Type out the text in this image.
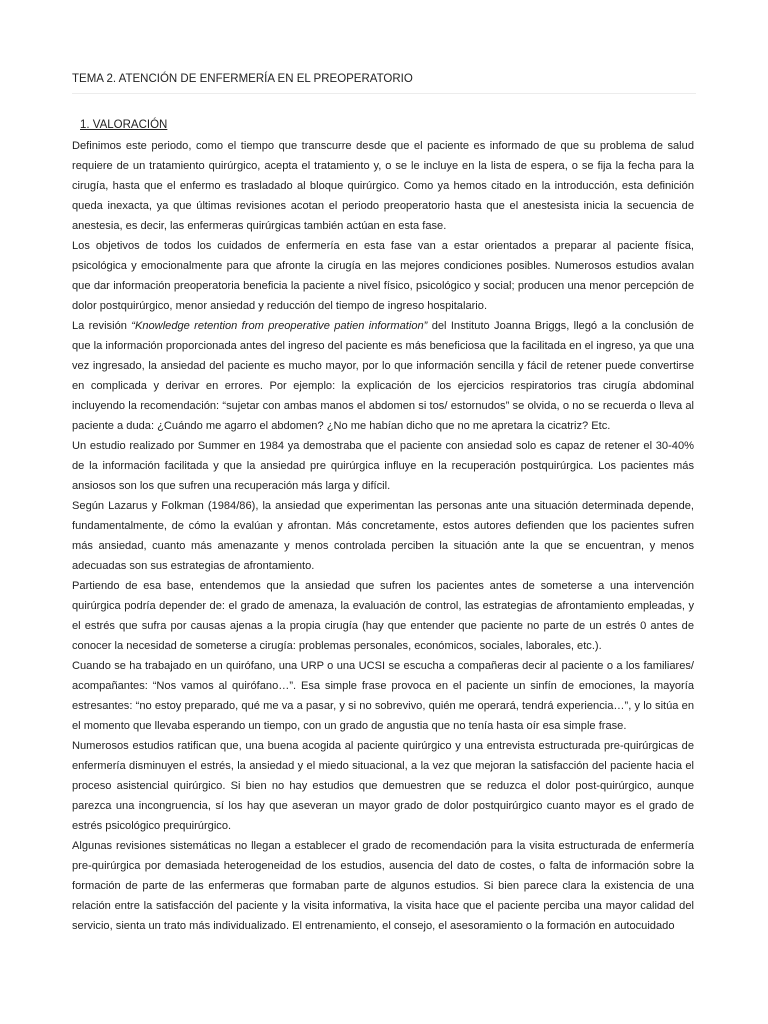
TEMA 2. ATENCIÓN DE ENFERMERÍA EN EL PREOPERATORIO
1. VALORACIÓN

Definimos este periodo, como el tiempo que transcurre desde que el paciente es informado de que su problema de salud requiere de un tratamiento quirúrgico, acepta el tratamiento y, o se le incluye en la lista de espera, o se fija la fecha para la cirugía, hasta que el enfermo es trasladado al bloque quirúrgico. Como ya hemos citado en la introducción, esta definición queda inexacta, ya que últimas revisiones acotan el periodo preoperatorio hasta que el anestesista inicia la secuencia de anestesia, es decir, las enfermeras quirúrgicas también actúan en esta fase.

Los objetivos de todos los cuidados de enfermería en esta fase van a estar orientados a preparar al paciente física, psicológica y emocionalmente para que afronte la cirugía en las mejores condiciones posibles. Numerosos estudios avalan que dar información preoperatoria beneficia la paciente a nivel físico, psicológico y social; producen una menor percepción de dolor postquirúrgico, menor ansiedad y reducción del tiempo de ingreso hospitalario.

La revisión “Knowledge retention from preoperative patien information” del Instituto Joanna Briggs, llegó a la conclusión de que la información proporcionada antes del ingreso del paciente es más beneficiosa que la facilitada en el ingreso, ya que una vez ingresado, la ansiedad del paciente es mucho mayor, por lo que información sencilla y fácil de retener puede convertirse en complicada y derivar en errores. Por ejemplo: la explicación de los ejercicios respiratorios tras cirugía abdominal incluyendo la recomendación: “sujetar con ambas manos el abdomen si tos/ estornudos” se olvida, o no se recuerda o lleva al paciente a duda: ¿Cuándo me agarro el abdomen? ¿No me habían dicho que no me apretara la cicatriz? Etc.

Un estudio realizado por Summer en 1984 ya demostraba que el paciente con ansiedad solo es capaz de retener el 30-40% de la información facilitada y que la ansiedad pre quirúrgica influye en la recuperación postquirúrgica. Los pacientes más ansiosos son los que sufren una recuperación más larga y difícil.

Según Lazarus y Folkman (1984/86), la ansiedad que experimentan las personas ante una situación determinada depende, fundamentalmente, de cómo la evalúan y afrontan. Más concretamente, estos autores defienden que los pacientes sufren más ansiedad, cuanto más amenazante y menos controlada perciben la situación ante la que se encuentran, y menos adecuadas son sus estrategias de afrontamiento.

Partiendo de esa base, entendemos que la ansiedad que sufren los pacientes antes de someterse a una intervención quirúrgica podría depender de: el grado de amenaza, la evaluación de control, las estrategias de afrontamiento empleadas, y el estrés que sufra por causas ajenas a la propia cirugía (hay que entender que paciente no parte de un estrés 0 antes de conocer la necesidad de someterse a cirugía: problemas personales, económicos, sociales, laborales, etc.).

Cuando se ha trabajado en un quirófano, una URP o una UCSI se escucha a compañeras decir al paciente o a los familiares/ acompañantes: “Nos vamos al quirófano…”. Esa simple frase provoca en el paciente un sinfín de emociones, la mayoría estresantes: “no estoy preparado, qué me va a pasar, y si no sobrevivo, quién me operará, tendrá experiencia…”, y lo sitúa en el momento que llevaba esperando un tiempo, con un grado de angustia que no tenía hasta oír esa simple frase.

Numerosos estudios ratifican que, una buena acogida al paciente quirúrgico y una entrevista estructurada pre-quirúrgicas de enfermería disminuyen el estrés, la ansiedad y el miedo situacional, a la vez que mejoran la satisfacción del paciente hacia el proceso asistencial quirúrgico. Si bien no hay estudios que demuestren que se reduzca el dolor post-quirúrgico, aunque parezca una incongruencia, sí los hay que aseveran un mayor grado de dolor postquirúrgico cuanto mayor es el grado de estrés psicológico prequirúrgico.

Algunas revisiones sistemáticas no llegan a establecer el grado de recomendación para la visita estructurada de enfermería pre-quirúrgica por demasiada heterogeneidad de los estudios, ausencia del dato de costes, o falta de información sobre la formación de parte de las enfermeras que formaban parte de algunos estudios. Si bien parece clara la existencia de una relación entre la satisfacción del paciente y la visita informativa, la visita hace que el paciente perciba una mayor calidad del servicio, sienta un trato más individualizado. El entrenamiento, el consejo, el asesoramiento o la formación en autocuidado
